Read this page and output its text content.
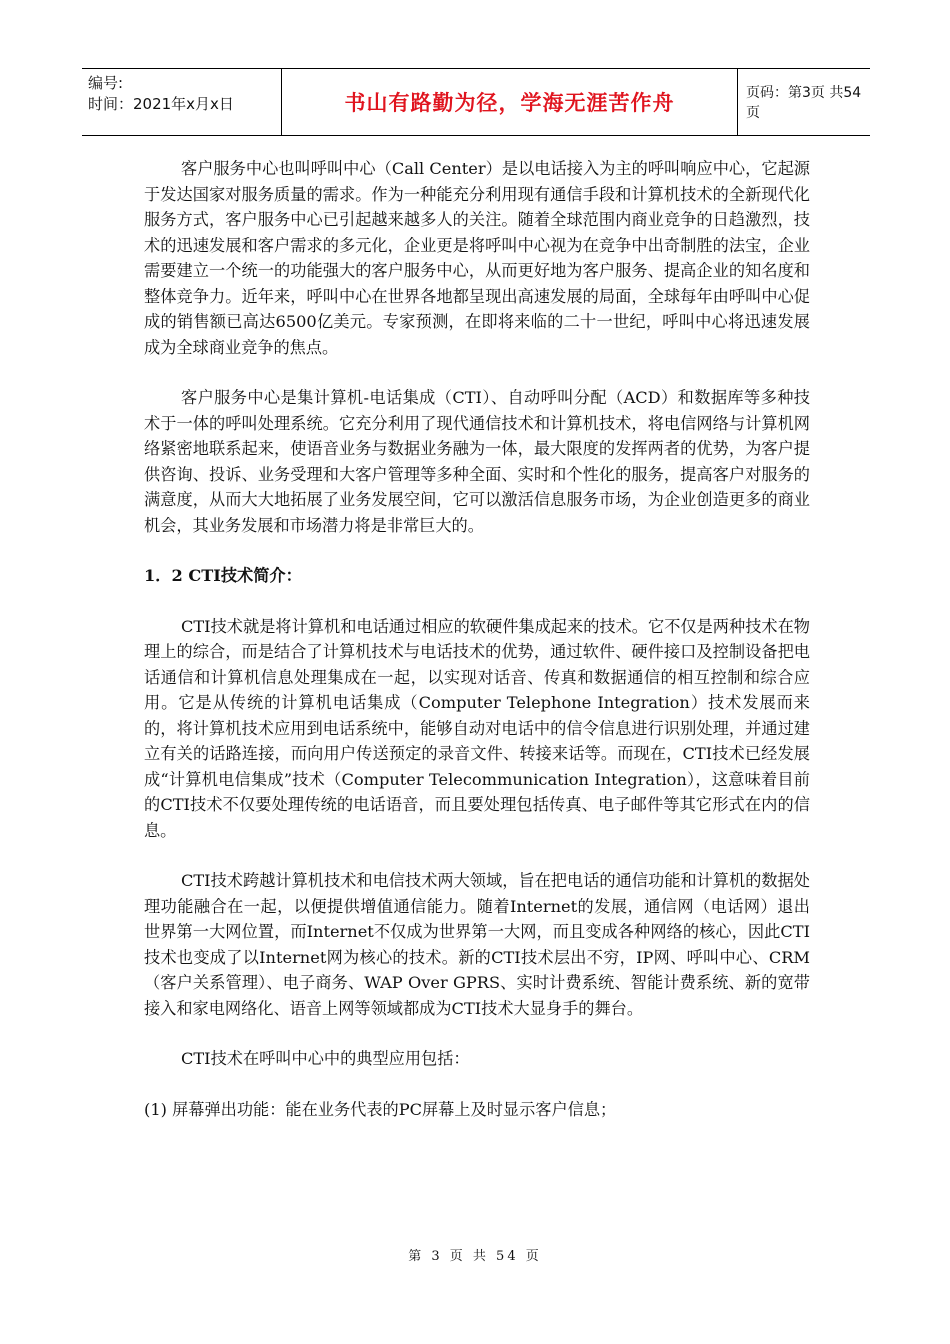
编号:
时间：2021年x月x日	书山有路勤为径，学海无涯苦作舟	页码：第3页 共54页

客户服务中心也叫呼叫中心（Call Center）是以电话接入为主的呼叫响应中心，它起源于发达国家对服务质量的需求。作为一种能充分利用现有通信手段和计算机技术的全新现代化服务方式，客户服务中心已引起越来越多人的关注。随着全球范围内商业竞争的日趋激烈，技术的迅速发展和客户需求的多元化，企业更是将呼叫中心视为在竞争中出奇制胜的法宝，企业需要建立一个统一的功能强大的客户服务中心，从而更好地为客户服务、提高企业的知名度和整体竞争力。近年来，呼叫中心在世界各地都呈现出高速发展的局面，全球每年由呼叫中心促成的销售额已高达6500亿美元。专家预测，在即将来临的二十一世纪，呼叫中心将迅速发展成为全球商业竞争的焦点。

客户服务中心是集计算机-电话集成（CTI）、自动呼叫分配（ACD）和数据库等多种技术于一体的呼叫处理系统。它充分利用了现代通信技术和计算机技术，将电信网络与计算机网络紧密地联系起来，使语音业务与数据业务融为一体，最大限度的发挥两者的优势，为客户提供咨询、投诉、业务受理和大客户管理等多种全面、实时和个性化的服务，提高客户对服务的满意度，从而大大地拓展了业务发展空间，它可以激活信息服务市场，为企业创造更多的商业机会，其业务发展和市场潜力将是非常巨大的。

1．2 CTI技术简介：

CTI技术就是将计算机和电话通过相应的软硬件集成起来的技术。它不仅是两种技术在物理上的综合，而是结合了计算机技术与电话技术的优势，通过软件、硬件接口及控制设备把电话通信和计算机信息处理集成在一起，以实现对话音、传真和数据通信的相互控制和综合应用。它是从传统的计算机电话集成（Computer Telephone Integration）技术发展而来的，将计算机技术应用到电话系统中，能够自动对电话中的信令信息进行识别处理，并通过建立有关的话路连接，而向用户传送预定的录音文件、转接来话等。而现在，CTI技术已经发展成“计算机电信集成”技术（Computer Telecommunication Integration），这意味着目前的CTI技术不仅要处理传统的电话语音，而且要处理包括传真、电子邮件等其它形式在内的信息。

CTI技术跨越计算机技术和电信技术两大领域，旨在把电话的通信功能和计算机的数据处理功能融合在一起，以便提供增值通信能力。随着Internet的发展，通信网（电话网）退出世界第一大网位置，而Internet不仅成为世界第一大网，而且变成各种网络的核心，因此CTI技术也变成了以Internet网为核心的技术。新的CTI技术层出不穷，IP网、呼叫中心、CRM（客户关系管理）、电子商务、WAP Over GPRS、实时计费系统、智能计费系统、新的宽带接入和家电网络化、语音上网等领域都成为CTI技术大显身手的舞台。

CTI技术在呼叫中心中的典型应用包括：

(1) 屏幕弹出功能：能在业务代表的PC屏幕上及时显示客户信息；

第 3 页 共 54 页
